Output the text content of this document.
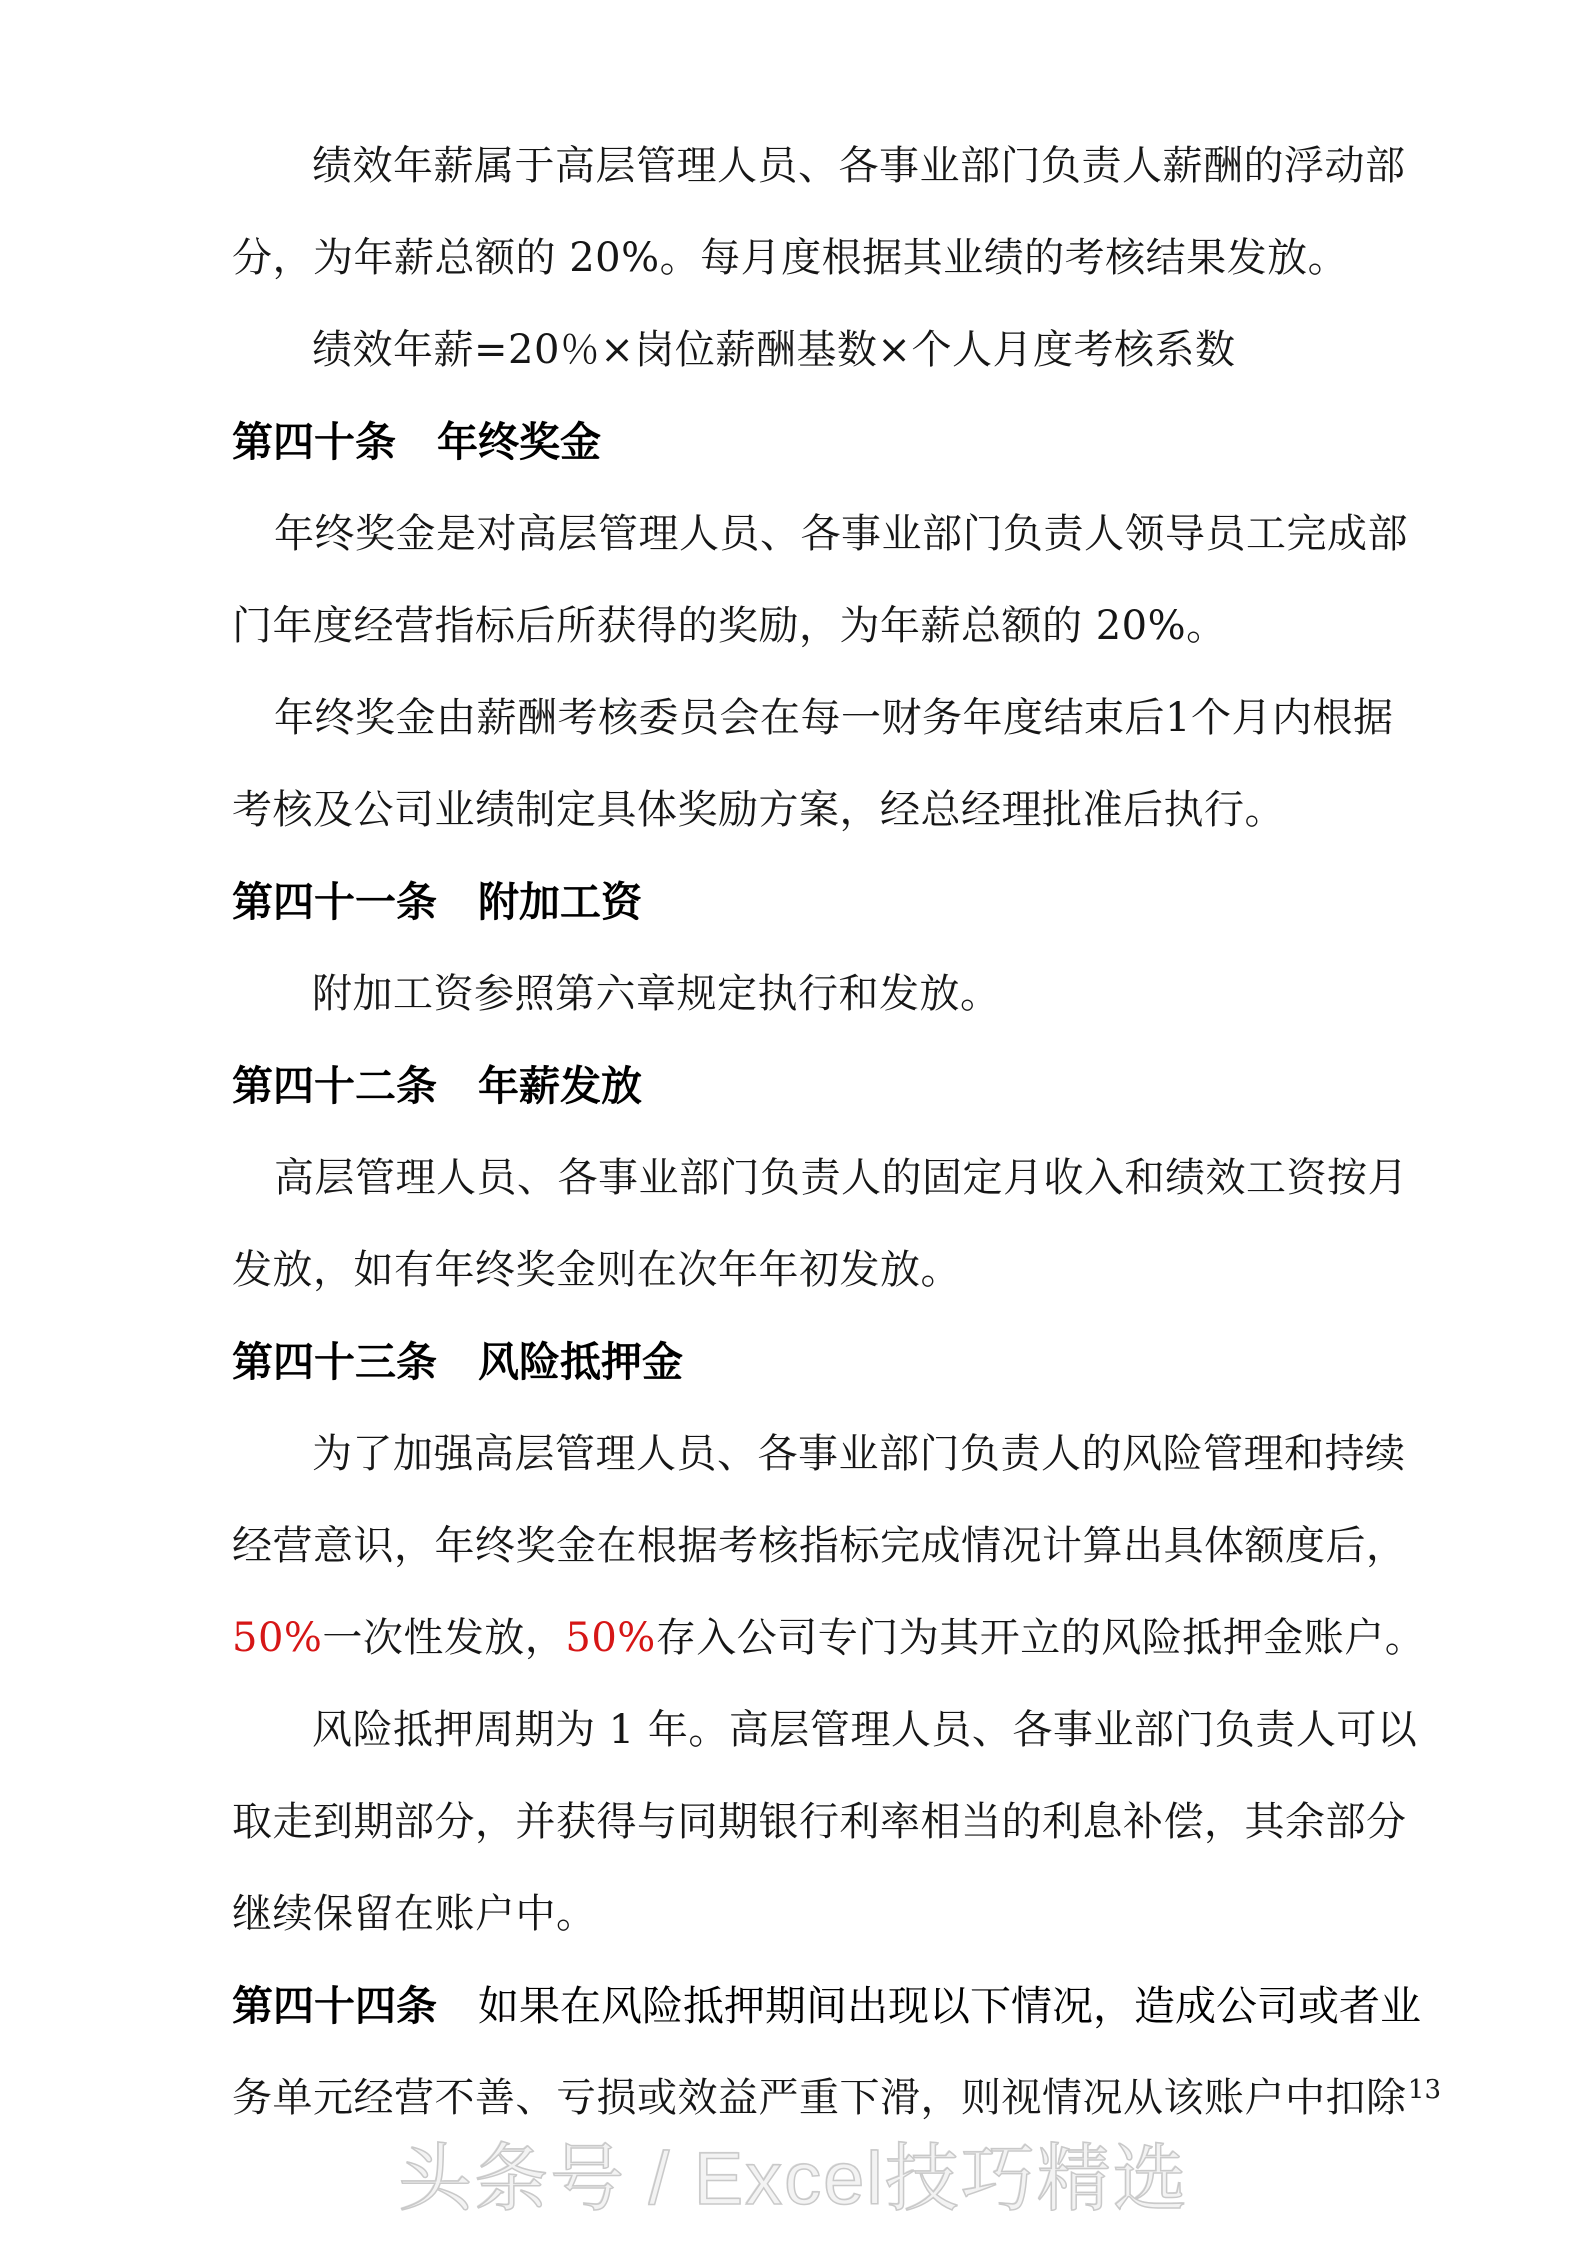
绩效年薪属于高层管理人员、各事业部门负责人薪酬的浮动部
分，为年薪总额的 20%。每月度根据其业绩的考核结果发放。
绩效年薪=20％×岗位薪酬基数×个人月度考核系数
第四十条　年终奖金
年终奖金是对高层管理人员、各事业部门负责人领导员工完成部
门年度经营指标后所获得的奖励，为年薪总额的 20%。
年终奖金由薪酬考核委员会在每一财务年度结束后1个月内根据
考核及公司业绩制定具体奖励方案，经总经理批准后执行。
第四十一条　附加工资
附加工资参照第六章规定执行和发放。
第四十二条　年薪发放
高层管理人员、各事业部门负责人的固定月收入和绩效工资按月
发放，如有年终奖金则在次年年初发放。
第四十三条　风险抵押金
为了加强高层管理人员、各事业部门负责人的风险管理和持续
经营意识，年终奖金在根据考核指标完成情况计算出具体额度后，
50%一次性发放，50%存入公司专门为其开立的风险抵押金账户。
风险抵押周期为 1 年。高层管理人员、各事业部门负责人可以
取走到期部分，并获得与同期银行利率相当的利息补偿，其余部分
继续保留在账户中。
第四十四条　如果在风险抵押期间出现以下情况，造成公司或者业
务单元经营不善、亏损或效益严重下滑，则视情况从该账户中扣除 13
头条号 / Excel技巧精选
